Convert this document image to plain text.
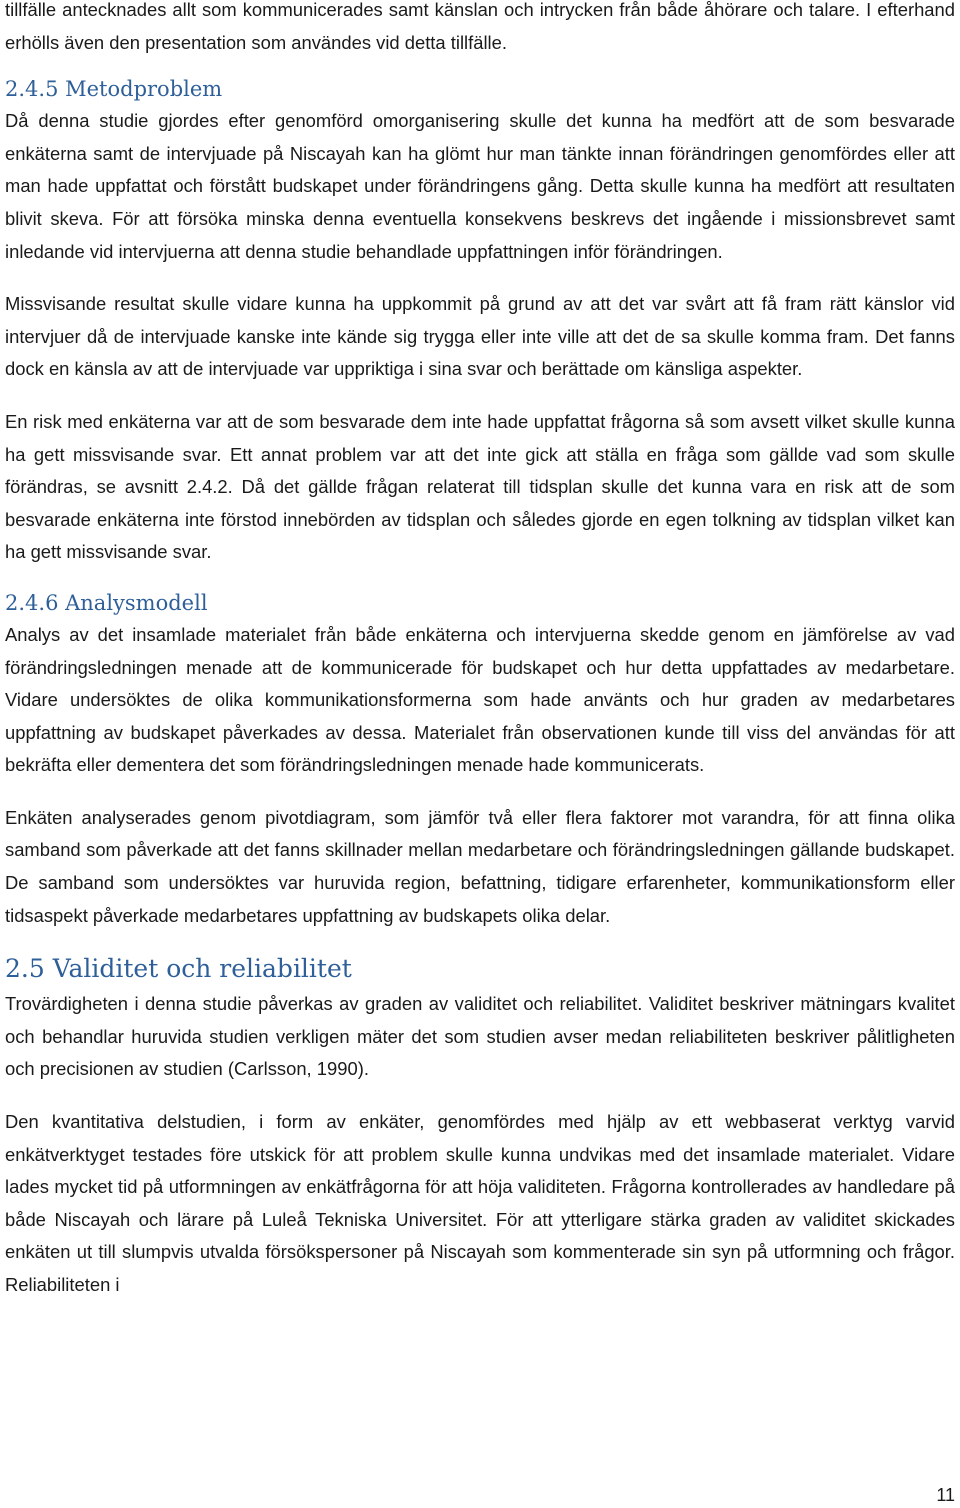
tillfälle antecknades allt som kommunicerades samt känslan och intrycken från både åhörare och talare. I efterhand erhölls även den presentation som användes vid detta tillfälle.

2.4.5 Metodproblem

Då denna studie gjordes efter genomförd omorganisering skulle det kunna ha medfört att de som besvarade enkäterna samt de intervjuade på Niscayah kan ha glömt hur man tänkte innan förändringen genomfördes eller att man hade uppfattat och förstått budskapet under förändringens gång. Detta skulle kunna ha medfört att resultaten blivit skeva. För att försöka minska denna eventuella konsekvens beskrevs det ingående i missionsbrevet samt inledande vid intervjuerna att denna studie behandlade uppfattningen inför förändringen.

Missvisande resultat skulle vidare kunna ha uppkommit på grund av att det var svårt att få fram rätt känslor vid intervjuer då de intervjuade kanske inte kände sig trygga eller inte ville att det de sa skulle komma fram. Det fanns dock en känsla av att de intervjuade var uppriktiga i sina svar och berättade om känsliga aspekter.

En risk med enkäterna var att de som besvarade dem inte hade uppfattat frågorna så som avsett vilket skulle kunna ha gett missvisande svar. Ett annat problem var att det inte gick att ställa en fråga som gällde vad som skulle förändras, se avsnitt 2.4.2. Då det gällde frågan relaterat till tidsplan skulle det kunna vara en risk att de som besvarade enkäterna inte förstod innebörden av tidsplan och således gjorde en egen tolkning av tidsplan vilket kan ha gett missvisande svar.

2.4.6 Analysmodell

Analys av det insamlade materialet från både enkäterna och intervjuerna skedde genom en jämförelse av vad förändringsledningen menade att de kommunicerade för budskapet och hur detta uppfattades av medarbetare. Vidare undersöktes de olika kommunikationsformerna som hade använts och hur graden av medarbetares uppfattning av budskapet påverkades av dessa. Materialet från observationen kunde till viss del användas för att bekräfta eller dementera det som förändringsledningen menade hade kommunicerats.

Enkäten analyserades genom pivotdiagram, som jämför två eller flera faktorer mot varandra, för att finna olika samband som påverkade att det fanns skillnader mellan medarbetare och förändringsledningen gällande budskapet. De samband som undersöktes var huruvida region, befattning, tidigare erfarenheter, kommunikationsform eller tidsaspekt påverkade medarbetares uppfattning av budskapets olika delar.

2.5 Validitet och reliabilitet

Trovärdigheten i denna studie påverkas av graden av validitet och reliabilitet. Validitet beskriver mätningars kvalitet och behandlar huruvida studien verkligen mäter det som studien avser medan reliabiliteten beskriver pålitligheten och precisionen av studien (Carlsson, 1990).

Den kvantitativa delstudien, i form av enkäter, genomfördes med hjälp av ett webbaserat verktyg varvid enkätverktyget testades före utskick för att problem skulle kunna undvikas med det insamlade materialet. Vidare lades mycket tid på utformningen av enkätfrågorna för att höja validiteten. Frågorna kontrollerades av handledare på både Niscayah och lärare på Luleå Tekniska Universitet. För att ytterligare stärka graden av validitet skickades enkäten ut till slumpvis utvalda försökspersoner på Niscayah som kommenterade sin syn på utformning och frågor. Reliabiliteten i

11
